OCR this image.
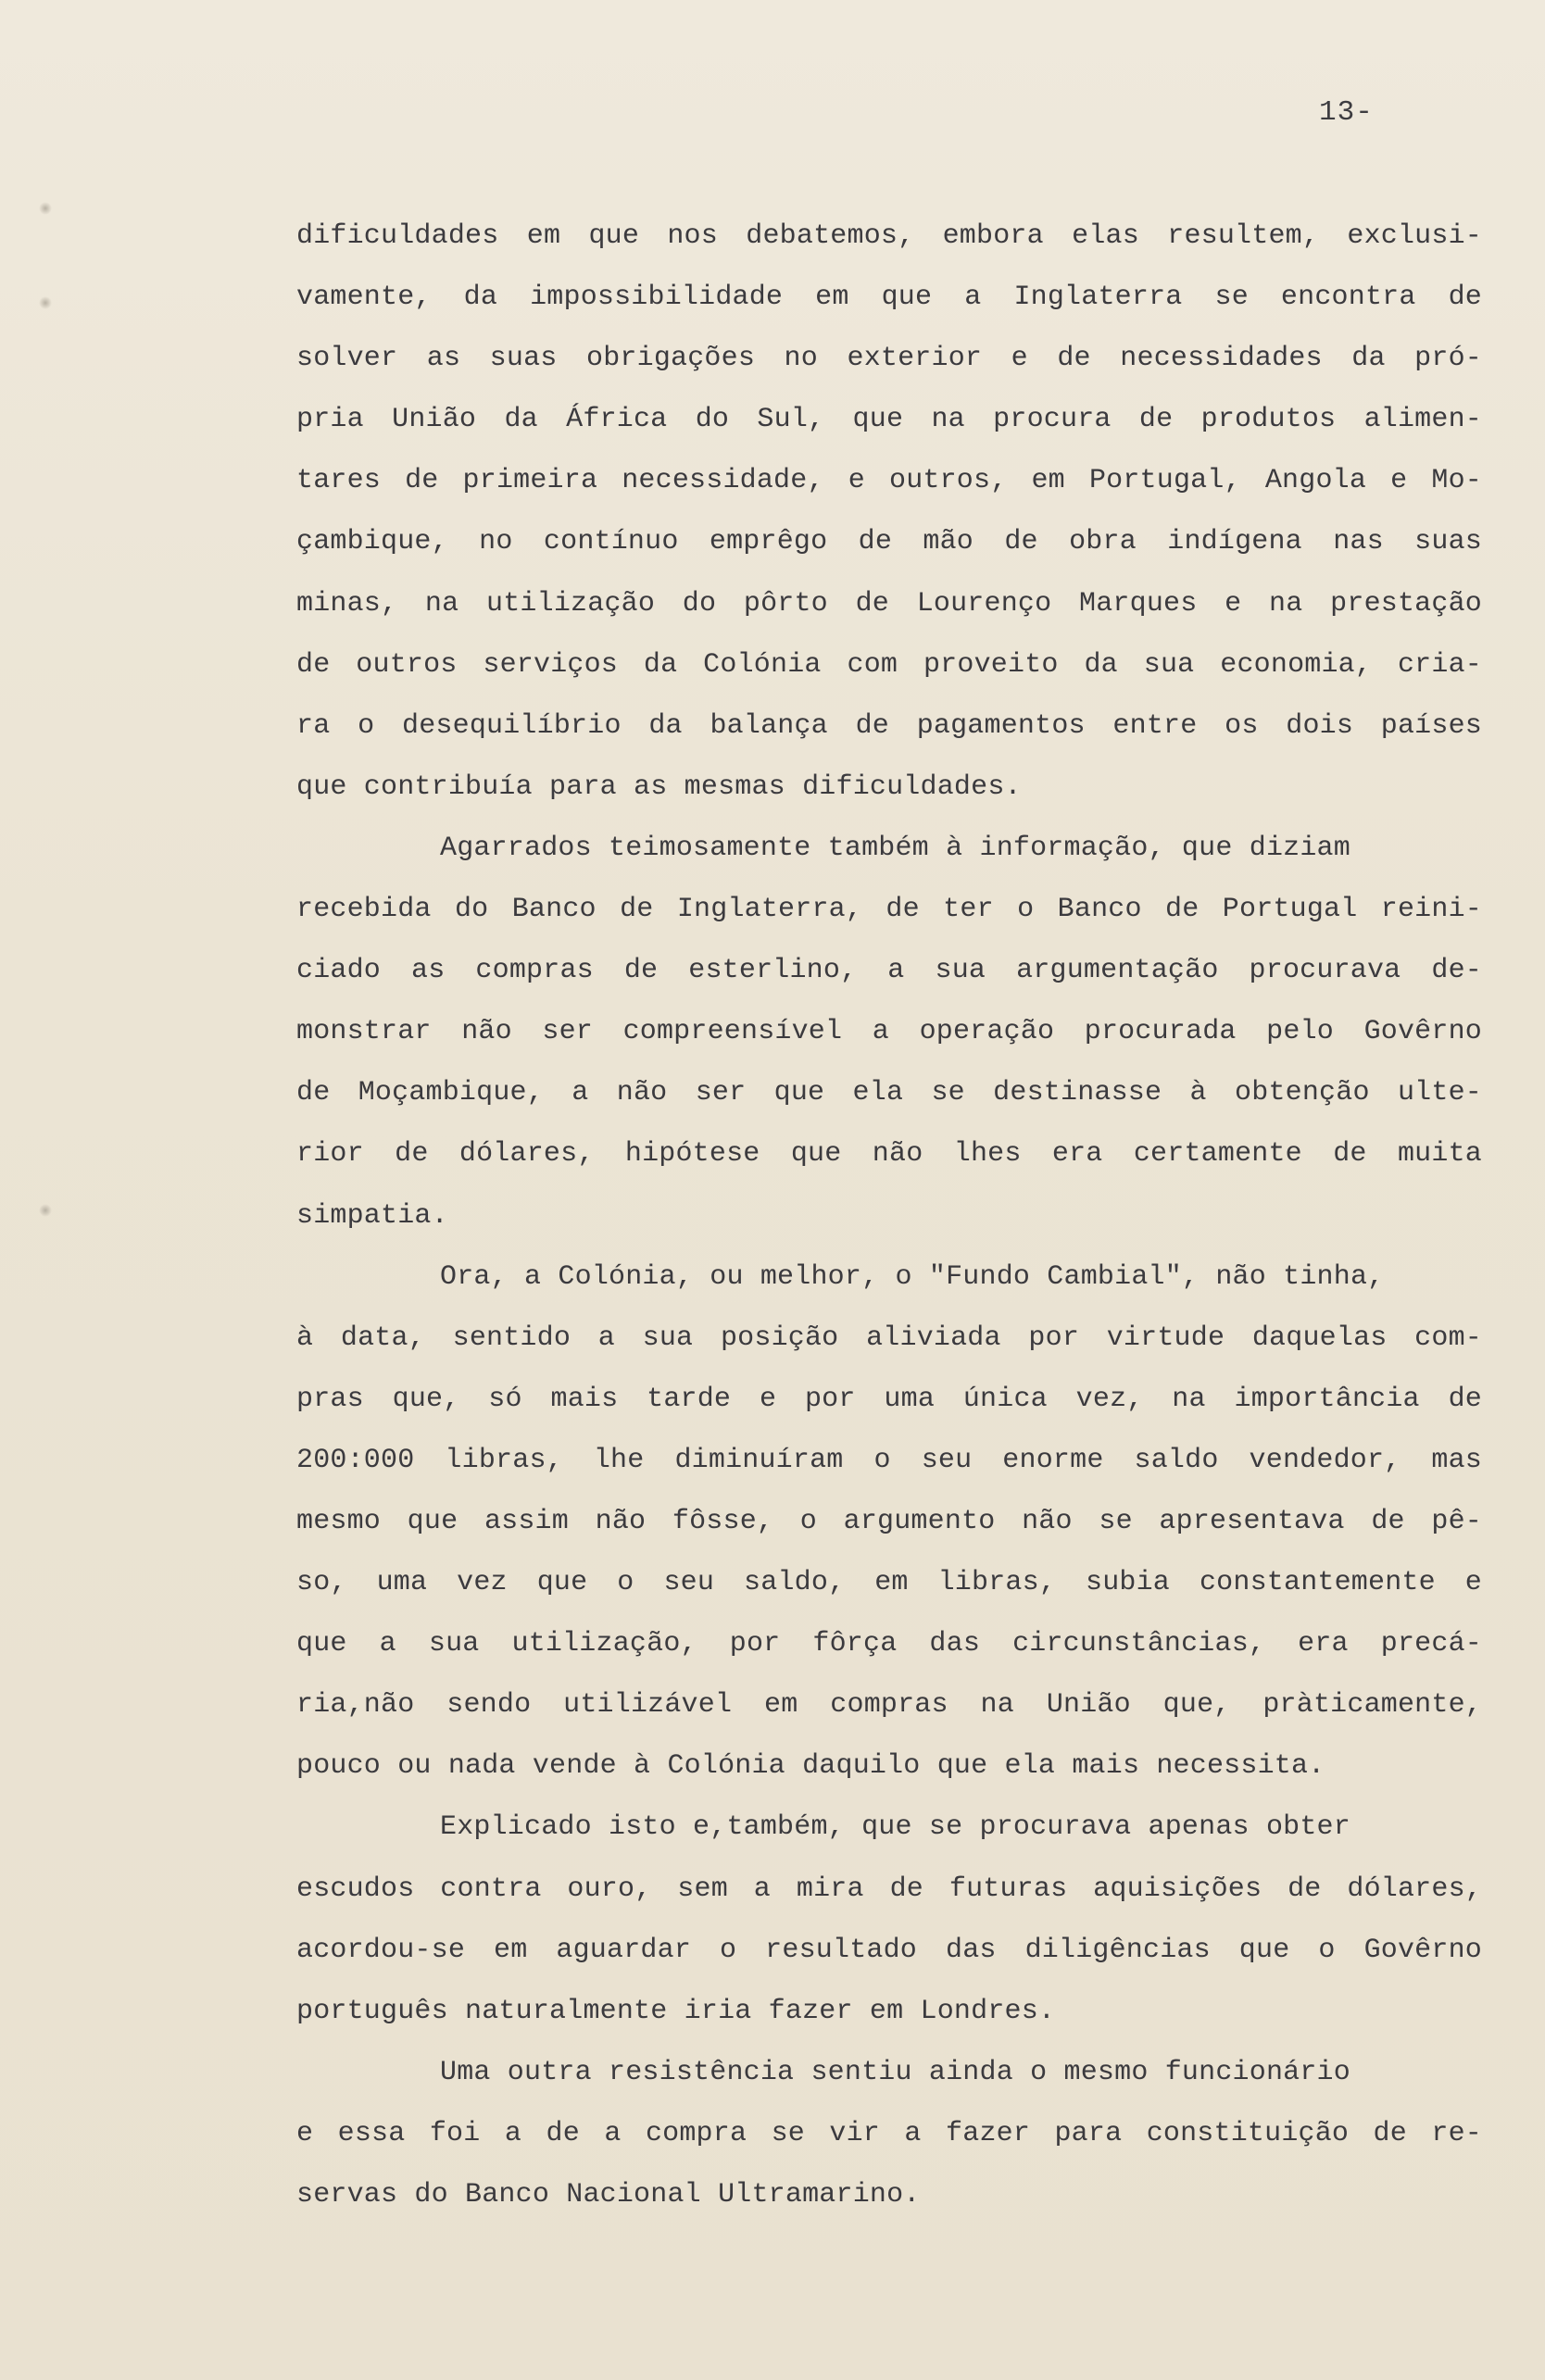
13-
dificuldades em que nos debatemos, embora elas resultem, exclusi-
vamente, da impossibilidade em que a Inglaterra se encontra de
solver as suas obrigações no exterior e de necessidades da pró-
pria União da África do Sul, que na procura de produtos alimen-
tares de primeira necessidade, e outros, em Portugal, Angola e Mo-
çambique, no contínuo emprêgo de mão de obra indígena nas suas
minas, na utilização do pôrto de Lourenço Marques e na prestação
de outros serviços da Colónia com proveito da sua economia, cria-
ra o desequilíbrio da balança de pagamentos entre os dois países
que contribuía para as mesmas dificuldades.
Agarrados teimosamente também à informação, que diziam
recebida do Banco de Inglaterra, de ter o Banco de Portugal reini-
ciado as compras de esterlino, a sua argumentação procurava de-
monstrar não ser compreensível a operação procurada pelo Govêrno
de Moçambique, a não ser que ela se destinasse à obtenção ulte-
rior de dólares, hipótese que não lhes era certamente de muita
simpatia.
Ora, a Colónia, ou melhor, o "Fundo Cambial", não tinha,
à data, sentido a sua posição aliviada por virtude daquelas com-
pras que, só mais tarde e por uma única vez, na importância de
200:000 libras, lhe diminuíram o seu enorme saldo vendedor, mas
mesmo que assim não fôsse, o argumento não se apresentava de pê-
so, uma vez que o seu saldo, em libras, subia constantemente e
que a sua utilização, por fôrça das circunstâncias, era precá-
ria,não sendo utilizável em compras na União que, pràticamente,
pouco ou nada vende à Colónia daquilo que ela mais necessita.
Explicado isto e,também, que se procurava apenas obter
escudos contra ouro, sem a mira de futuras aquisições de dólares,
acordou-se em aguardar o resultado das diligências que o Govêrno
português naturalmente iria fazer em Londres.
Uma outra resistência sentiu ainda o mesmo funcionário
e essa foi a de a compra se vir a fazer para constituição de re-
servas do Banco Nacional Ultramarino.
